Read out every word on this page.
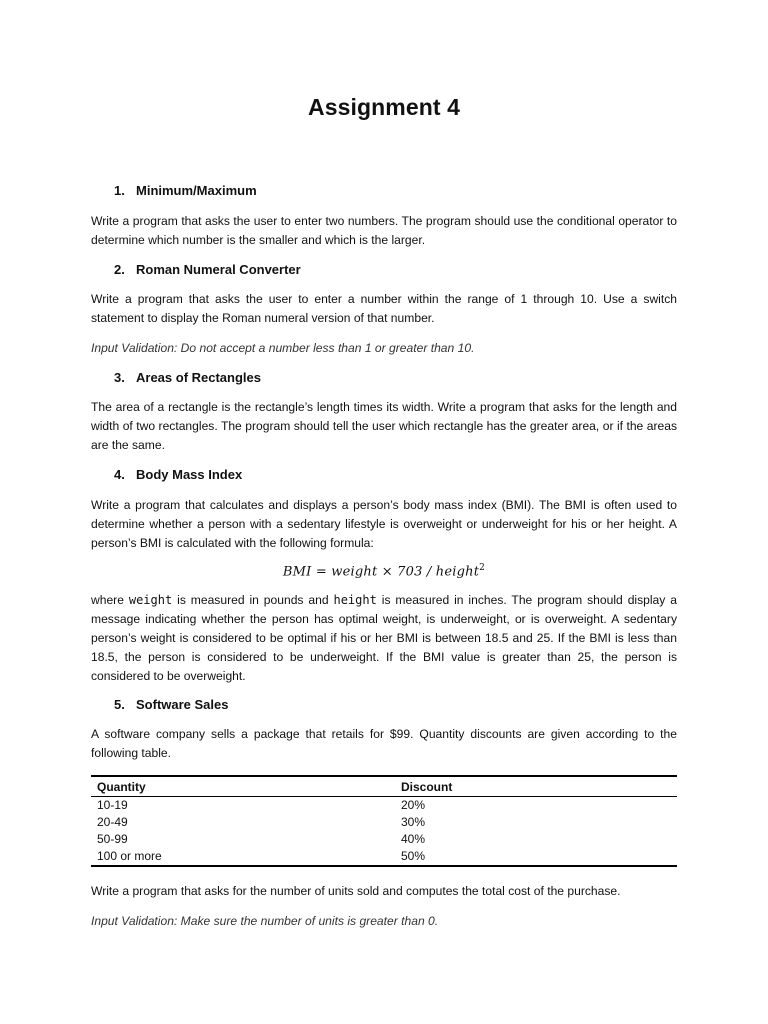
Assignment 4
1. Minimum/Maximum
Write a program that asks the user to enter two numbers. The program should use the conditional operator to determine which number is the smaller and which is the larger.
2. Roman Numeral Converter
Write a program that asks the user to enter a number within the range of 1 through 10. Use a switch statement to display the Roman numeral version of that number.
Input Validation: Do not accept a number less than 1 or greater than 10.
3. Areas of Rectangles
The area of a rectangle is the rectangle’s length times its width. Write a program that asks for the length and width of two rectangles. The program should tell the user which rectangle has the greater area, or if the areas are the same.
4. Body Mass Index
Write a program that calculates and displays a person’s body mass index (BMI). The BMI is often used to determine whether a person with a sedentary lifestyle is overweight or underweight for his or her height. A person’s BMI is calculated with the following formula:
BMI = weight × 703 / height$^2$
where weight is measured in pounds and height is measured in inches. The program should display a message indicating whether the person has optimal weight, is underweight, or is overweight. A sedentary person’s weight is considered to be optimal if his or her BMI is between 18.5 and 25. If the BMI is less than 18.5, the person is considered to be underweight. If the BMI value is greater than 25, the person is considered to be overweight.
5. Software Sales
A software company sells a package that retails for $99. Quantity discounts are given according to the following table.
Quantity	Discount
10-19	20%
20-49	30%
50-99	40%
100 or more	50%
Write a program that asks for the number of units sold and computes the total cost of the purchase.
Input Validation: Make sure the number of units is greater than 0.
